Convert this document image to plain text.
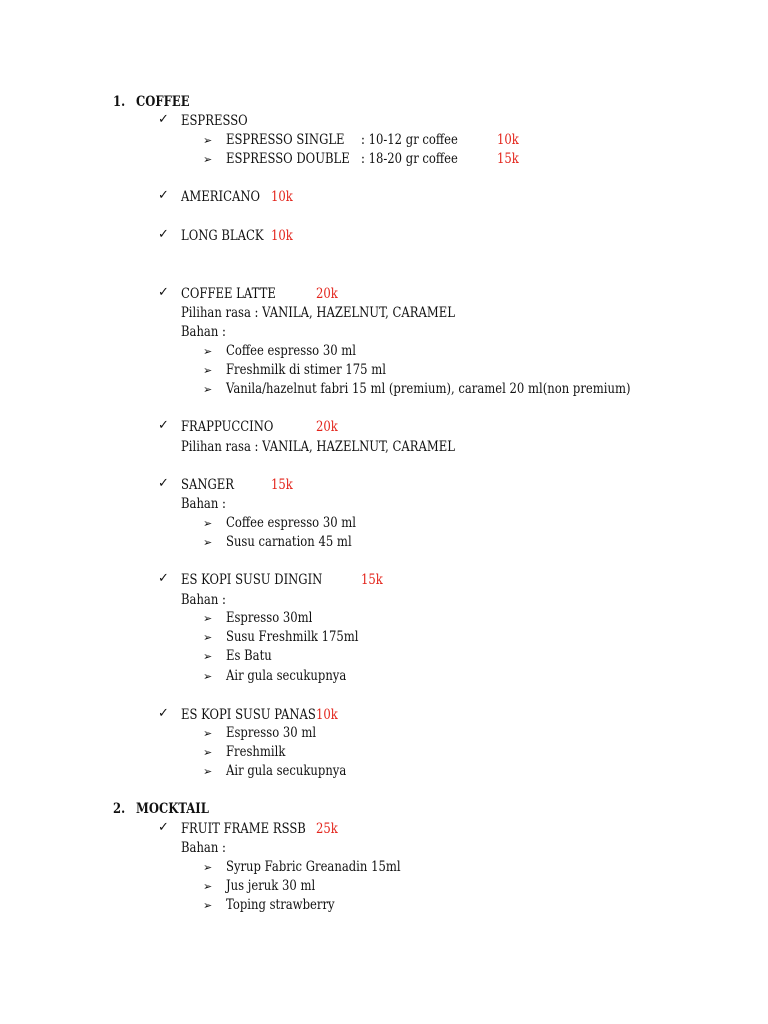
1. COFFEE
✓ ESPRESSO
➢ ESPRESSO SINGLE : 10-12 gr coffee	10k
➢ ESPRESSO DOUBLE : 18-20 gr coffee	15k
✓ AMERICANO 10k
✓ LONG BLACK 10k
✓ COFFEE LATTE	20k
Pilihan rasa : VANILA, HAZELNUT, CARAMEL
Bahan :
➢ Coffee espresso 30 ml
➢ Freshmilk di stimer 175 ml
➢ Vanila/hazelnut fabri 15 ml (premium), caramel 20 ml(non premium)
✓ FRAPPUCCINO	20k
Pilihan rasa : VANILA, HAZELNUT, CARAMEL
✓ SANGER	15k
Bahan :
➢ Coffee espresso 30 ml
➢ Susu carnation 45 ml
✓ ES KOPI SUSU DINGIN	15k
Bahan :
➢ Espresso 30ml
➢ Susu Freshmilk 175ml
➢ Es Batu
➢ Air gula secukupnya
✓ ES KOPI SUSU PANAS 10k
➢ Espresso 30 ml
➢ Freshmilk
➢ Air gula secukupnya
2. MOCKTAIL
✓ FRUIT FRAME RSSB 25k
Bahan :
➢ Syrup Fabric Greanadin 15ml
➢ Jus jeruk 30 ml
➢ Toping strawberry
